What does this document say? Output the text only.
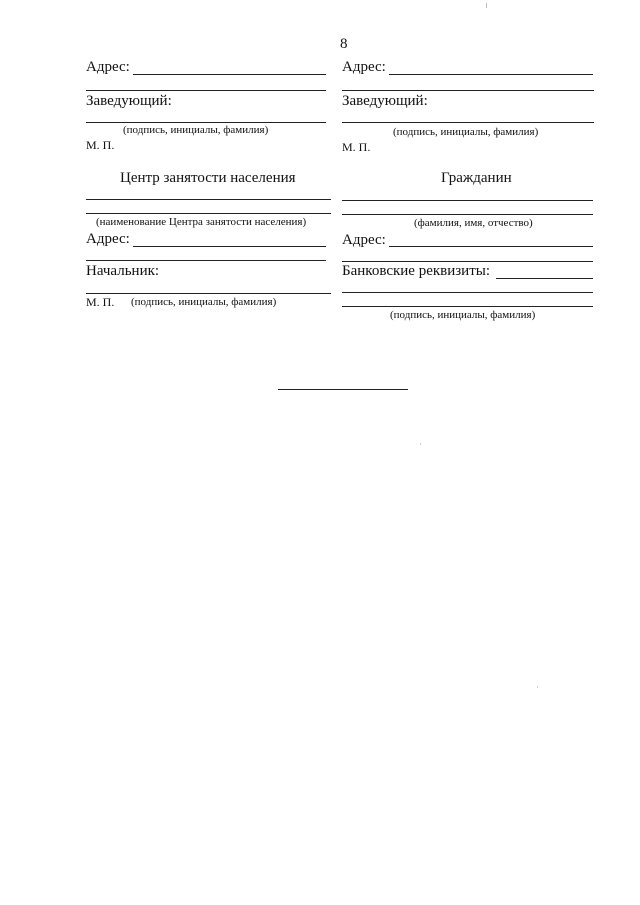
8
Адрес:
Заведующий:
(подпись, инициалы, фамилия)
М. П.
Центр занятости населения
(наименование Центра занятости населения)
Адрес:
Начальник:
М. П. (подпись, инициалы, фамилия)
Адрес:
Заведующий:
(подпись, инициалы, фамилия)
М. П.
Гражданин
(фамилия, имя, отчество)
Адрес:
Банковские реквизиты:
(подпись, инициалы, фамилия)
